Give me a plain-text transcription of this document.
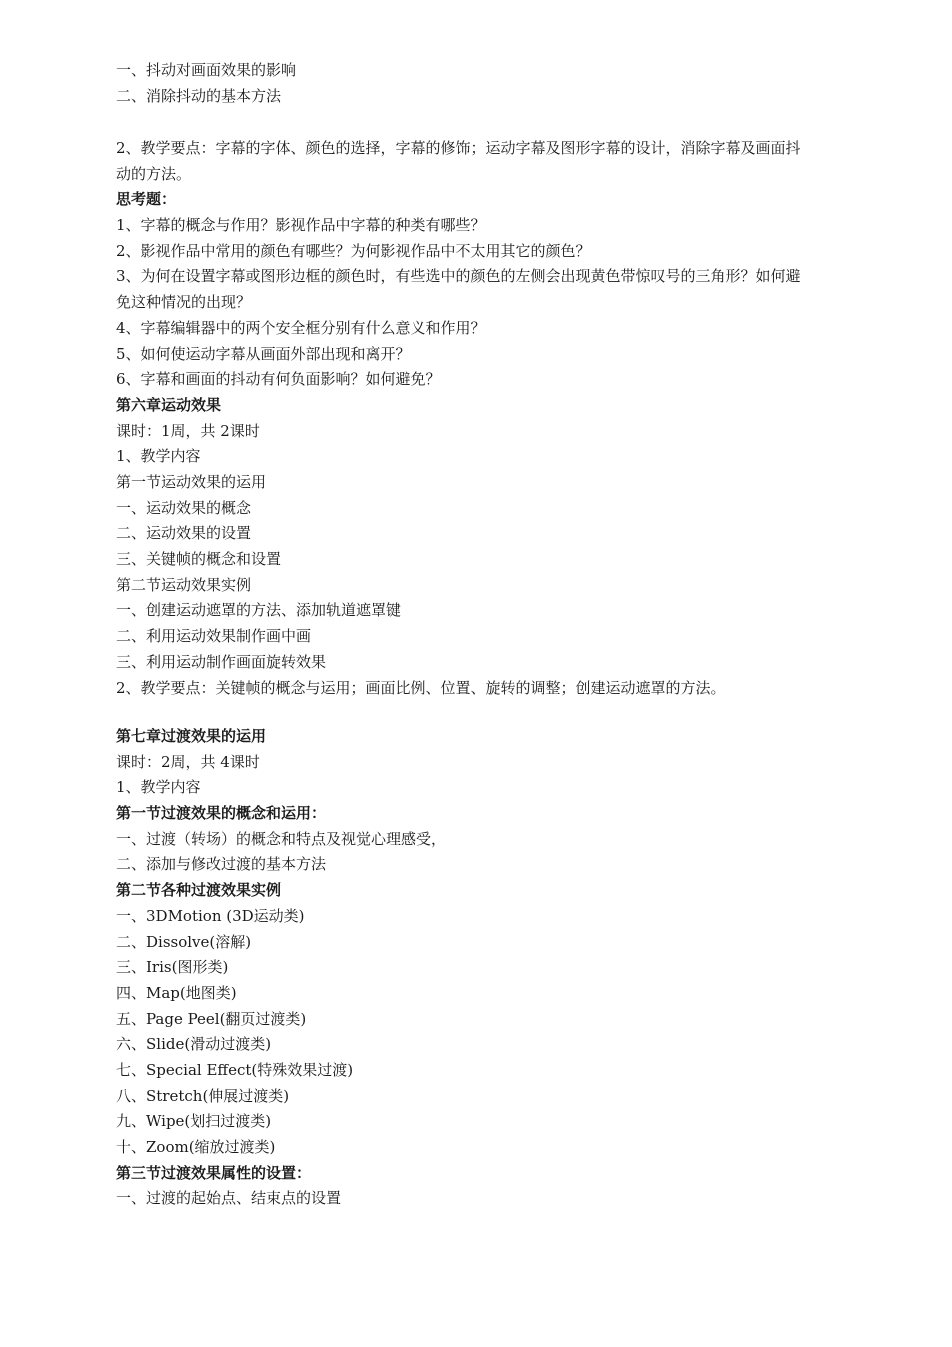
一、抖动对画面效果的影响
二、消除抖动的基本方法

2、教学要点：字幕的字体、颜色的选择，字幕的修饰；运动字幕及图形字幕的设计，消除字幕及画面抖动的方法。

思考题：
1、字幕的概念与作用？影视作品中字幕的种类有哪些？
2、影视作品中常用的颜色有哪些？为何影视作品中不太用其它的颜色？

3、为何在设置字幕或图形边框的颜色时，有些选中的颜色的左侧会出现黄色带惊叹号的三角形？如何避免这种情况的出现？

4、字幕编辑器中的两个安全框分别有什么意义和作用？
5、如何使运动字幕从画面外部出现和离开？
6、字幕和画面的抖动有何负面影响？如何避免？
第六章运动效果
课时：1周，共 2课时
1、教学内容
第一节运动效果的运用
一、运动效果的概念
二、运动效果的设置
三、关键帧的概念和设置
第二节运动效果实例
一、创建运动遮罩的方法、添加轨道遮罩键
二、利用运动效果制作画中画
三、利用运动制作画面旋转效果
2、教学要点：关键帧的概念与运用；画面比例、位置、旋转的调整；创建运动遮罩的方法。
第七章过渡效果的运用
课时：2周，共 4课时
1、教学内容
第一节过渡效果的概念和运用：
一、过渡（转场）的概念和特点及视觉心理感受，
二、添加与修改过渡的基本方法
第二节各种过渡效果实例
一、3DMotion (3D运动类)
二、Dissolve(溶解)
三、Iris(图形类)
四、Map(地图类)
五、Page Peel(翻页过渡类)
六、Slide(滑动过渡类)
七、Special Effect(特殊效果过渡)
八、Stretch(伸展过渡类)
九、Wipe(划扫过渡类)
十、Zoom(缩放过渡类)
第三节过渡效果属性的设置：
一、过渡的起始点、结束点的设置
